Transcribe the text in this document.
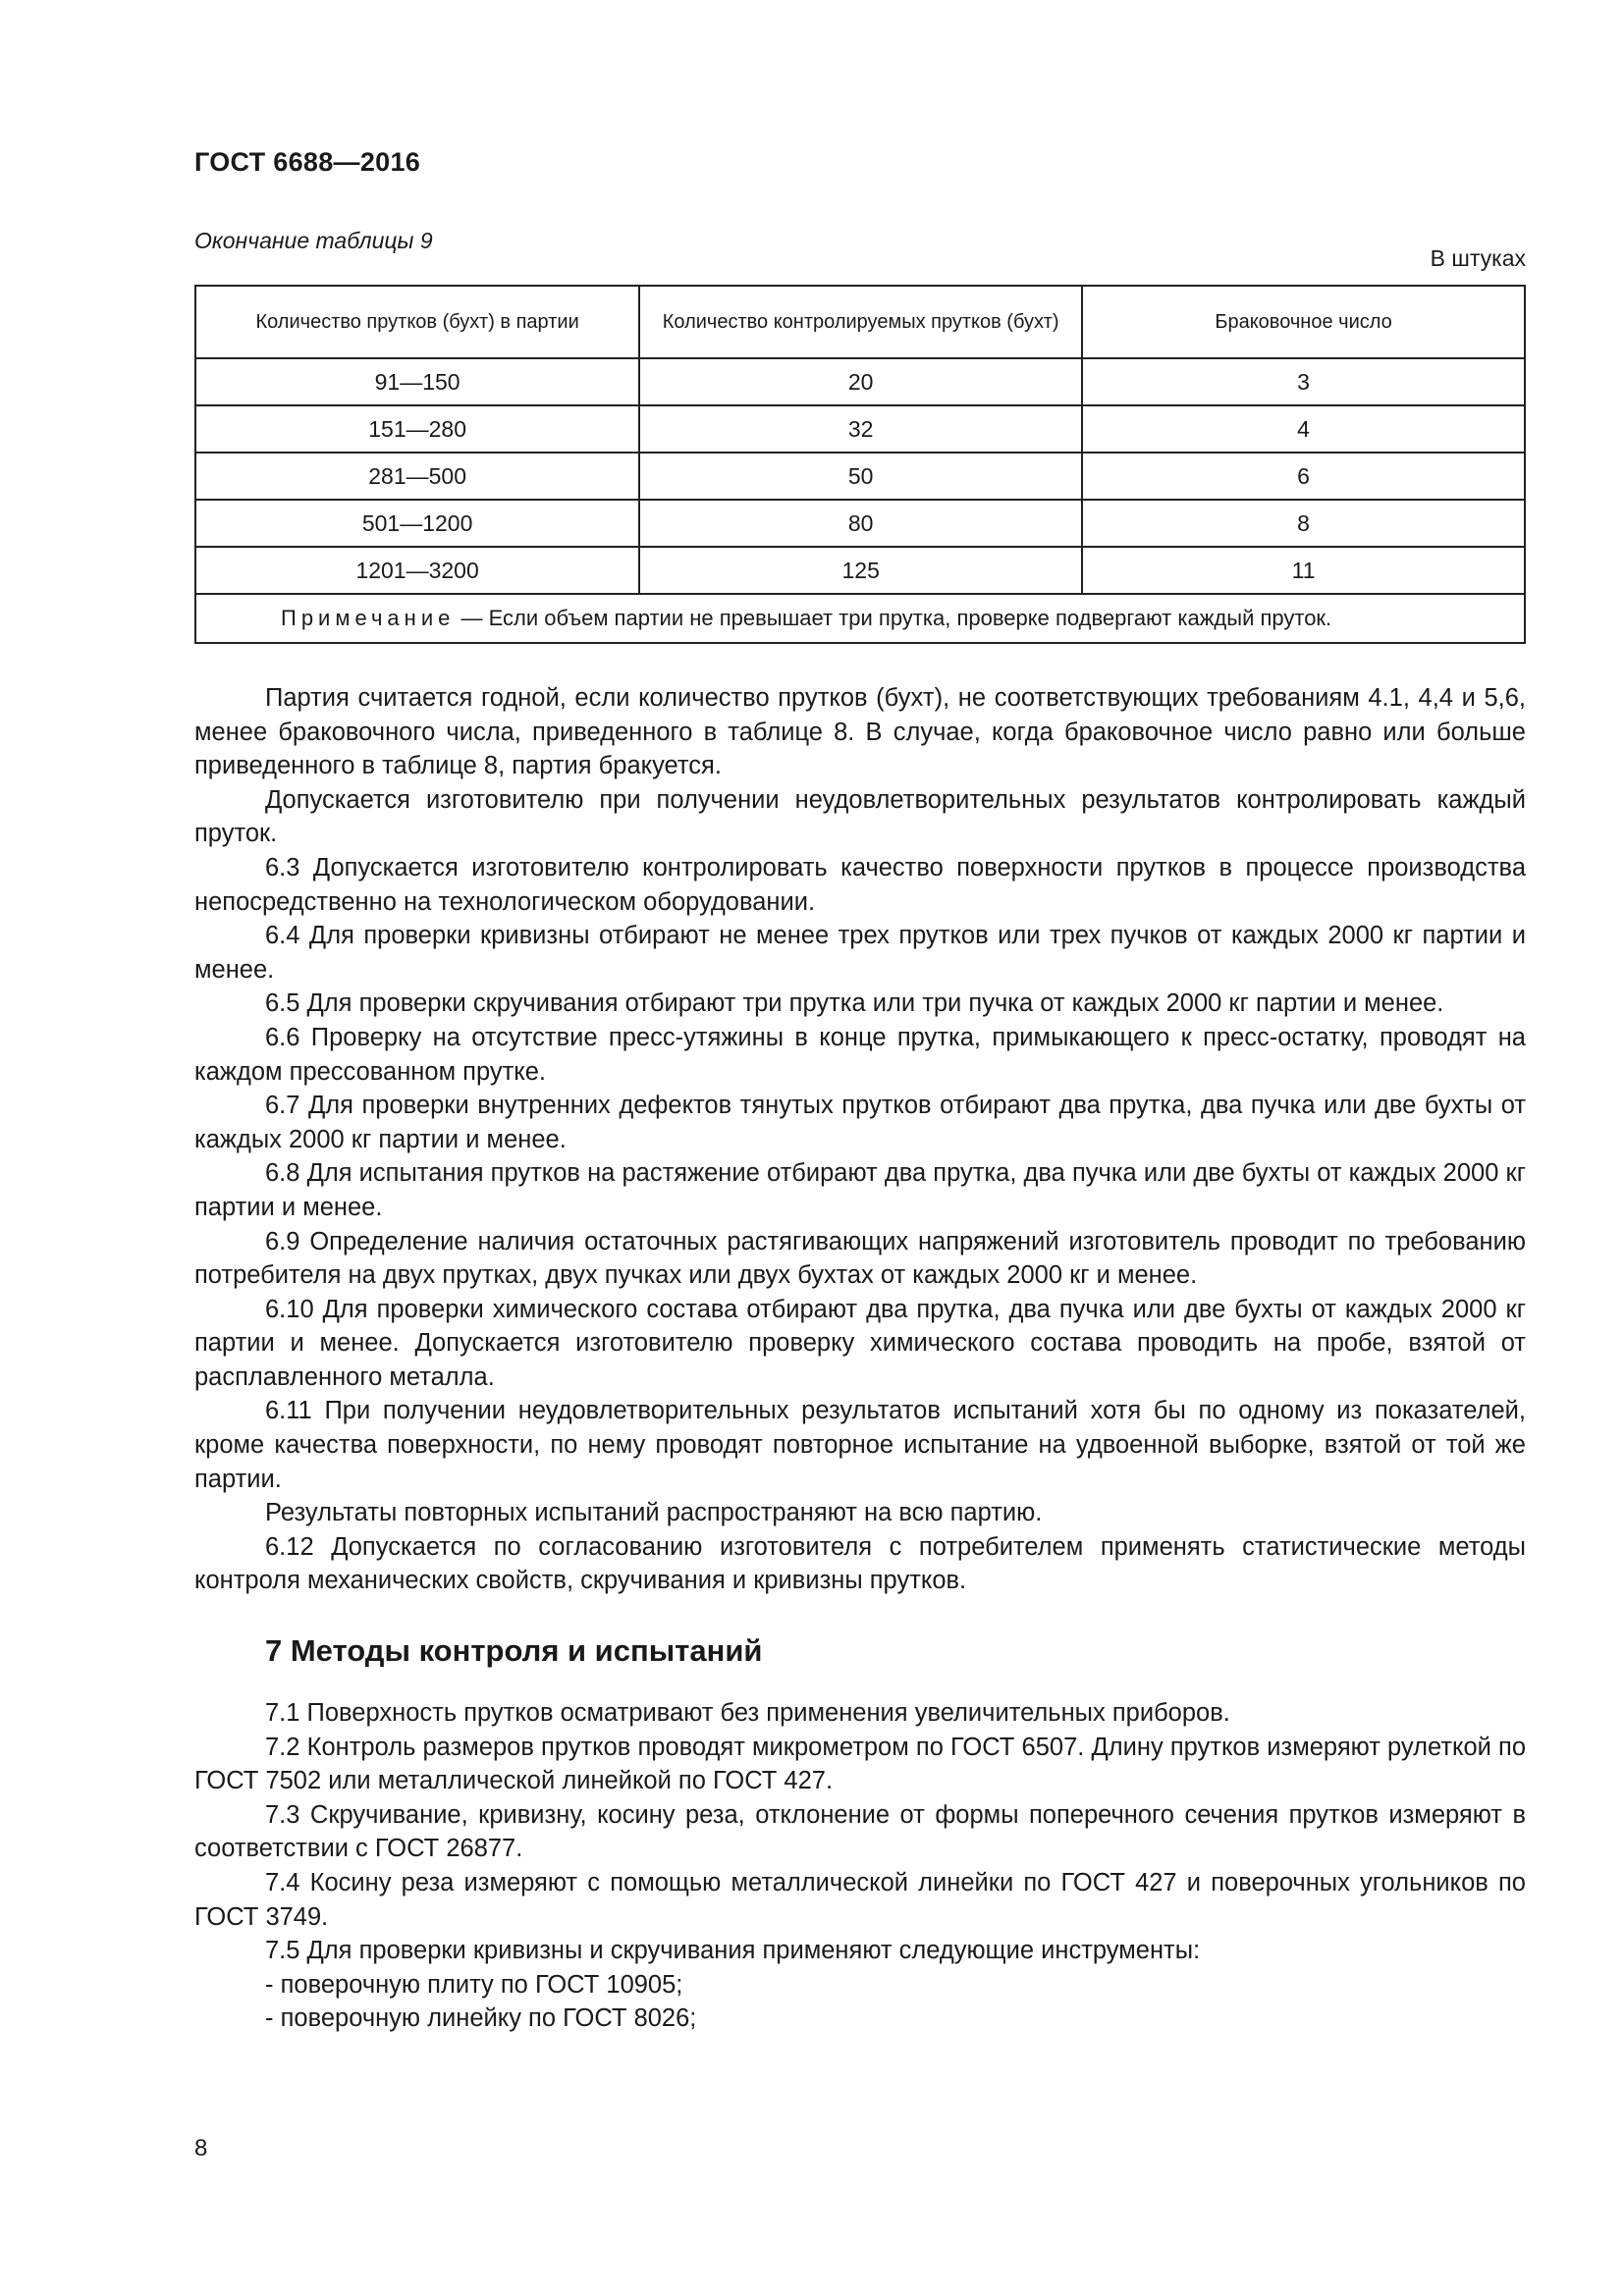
ГОСТ 6688—2016
Окончание таблицы 9
В штуках
Количество прутков (бухт) в партии	Количество контролируемых прутков (бухт)	Браковочное число
91—150	20	3
151—280	32	4
281—500	50	6
501—1200	80	8
1201—3200	125	11
Примечание — Если объем партии не превышает три прутка, проверке подвергают каждый пруток.		

Партия считается годной, если количество прутков (бухт), не соответствующих требованиям 4.1, 4,4 и 5,6, менее браковочного числа, приведенного в таблице 8. В случае, когда браковочное число равно или больше приведенного в таблице 8, партия бракуется.

Допускается изготовителю при получении неудовлетворительных результатов контролировать каждый пруток.

6.3 Допускается изготовителю контролировать качество поверхности прутков в процессе производства непосредственно на технологическом оборудовании.

6.4 Для проверки кривизны отбирают не менее трех прутков или трех пучков от каждых 2000 кг партии и менее.

6.5 Для проверки скручивания отбирают три прутка или три пучка от каждых 2000 кг партии и менее.

6.6 Проверку на отсутствие пресс-утяжины в конце прутка, примыкающего к пресс-остатку, проводят на каждом прессованном прутке.

6.7 Для проверки внутренних дефектов тянутых прутков отбирают два прутка, два пучка или две бухты от каждых 2000 кг партии и менее.

6.8 Для испытания прутков на растяжение отбирают два прутка, два пучка или две бухты от каждых 2000 кг партии и менее.

6.9 Определение наличия остаточных растягивающих напряжений изготовитель проводит по требованию потребителя на двух прутках, двух пучках или двух бухтах от каждых 2000 кг и менее.

6.10 Для проверки химического состава отбирают два прутка, два пучка или две бухты от каждых 2000 кг партии и менее. Допускается изготовителю проверку химического состава проводить на пробе, взятой от расплавленного металла.

6.11 При получении неудовлетворительных результатов испытаний хотя бы по одному из показателей, кроме качества поверхности, по нему проводят повторное испытание на удвоенной выборке, взятой от той же партии.

Результаты повторных испытаний распространяют на всю партию.

6.12 Допускается по согласованию изготовителя с потребителем применять статистические методы контроля механических свойств, скручивания и кривизны прутков.

7 Методы контроля и испытаний

7.1 Поверхность прутков осматривают без применения увеличительных приборов.

7.2 Контроль размеров прутков проводят микрометром по ГОСТ 6507. Длину прутков измеряют рулеткой по ГОСТ 7502 или металлической линейкой по ГОСТ 427.

7.3 Скручивание, кривизну, косину реза, отклонение от формы поперечного сечения прутков измеряют в соответствии с ГОСТ 26877.

7.4 Косину реза измеряют с помощью металлической линейки по ГОСТ 427 и поверочных угольников по ГОСТ 3749.

7.5 Для проверки кривизны и скручивания применяют следующие инструменты:

- поверочную плиту по ГОСТ 10905;

- поверочную линейку по ГОСТ 8026;

8
